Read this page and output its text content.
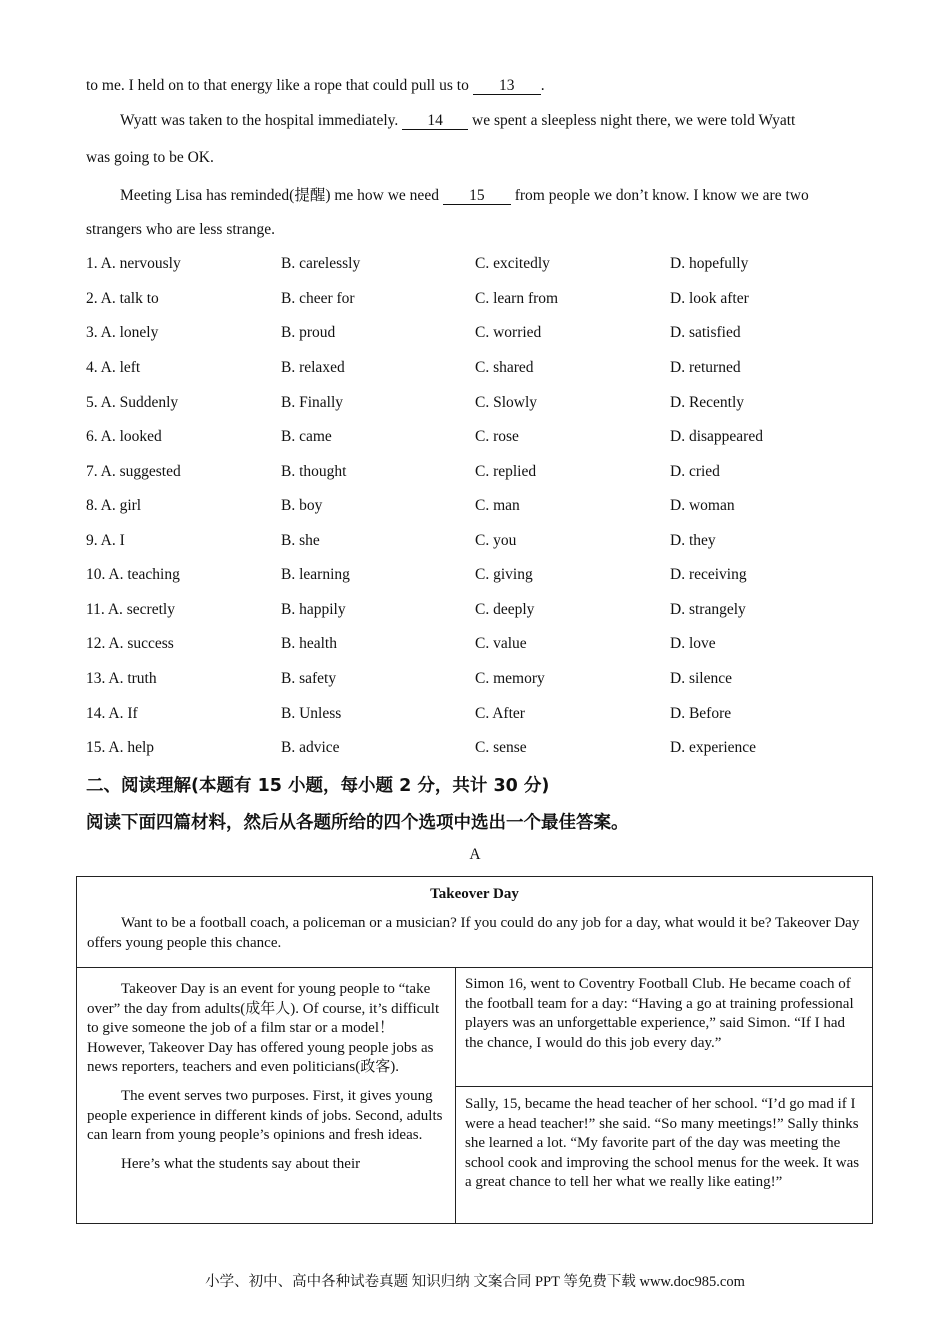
to me. I held on to that energy like a rope that could pull us to 13 .
Wyatt was taken to the hospital immediately. 14 we spent a sleepless night there, we were told Wyatt
was going to be OK.
Meeting Lisa has reminded(提醒) me how we need 15 from people we don’t know. I know we are two
strangers who are less strange.
1. A. nervously	B. carelessly	C. excitedly	D. hopefully
2. A. talk to	B. cheer for	C. learn from	D. look after
3. A. lonely	B. proud	C. worried	D. satisfied
4. A. left	B. relaxed	C. shared	D. returned
5. A. Suddenly	B. Finally	C. Slowly	D. Recently
6. A. looked	B. came	C. rose	D. disappeared
7. A. suggested	B. thought	C. replied	D. cried
8. A. girl	B. boy	C. man	D. woman
9. A. I	B. she	C. you	D. they
10. A. teaching	B. learning	C. giving	D. receiving
11. A. secretly	B. happily	C. deeply	D. strangely
12. A. success	B. health	C. value	D. love
13. A. truth	B. safety	C. memory	D. silence
14. A. If	B. Unless	C. After	D. Before
15. A. help	B. advice	C. sense	D. experience
二、阅读理解(本题有 15 小题，每小题 2 分，共计 30 分)
阅读下面四篇材料，然后从各题所给的四个选项中选出一个最佳答案。
A
Takeover Day

Want to be a football coach, a policeman or a musician? If you could do any job for a day, what would it be? Takeover Day offers young people this chance.

Takeover Day is an event for young people to “take over” the day from adults(成年人). Of course, it’s difficult to give someone the job of a film star or a model！However, Takeover Day has offered young people jobs as news reporters, teachers and even politicians(政客).

The event serves two purposes. First, it gives young people experience in different kinds of jobs. Second, adults can learn from young people’s opinions and fresh ideas.

Here’s what the students say about their

Simon 16, went to Coventry Football Club. He became coach of the football team for a day: “Having a go at training professional players was an unforgettable experience,” said Simon. “If I had the chance, I would do this job every day.”

Sally, 15, became the head teacher of her school. “I’d go mad if I were a head teacher!” she said. “So many meetings!” Sally thinks she learned a lot. “My favorite part of the day was meeting the school cook and improving the school menus for the week. It was a great chance to tell her what we really like eating!”

小学、初中、高中各种试卷真题 知识归纳 文案合同 PPT 等免费下载 www.doc985.com
